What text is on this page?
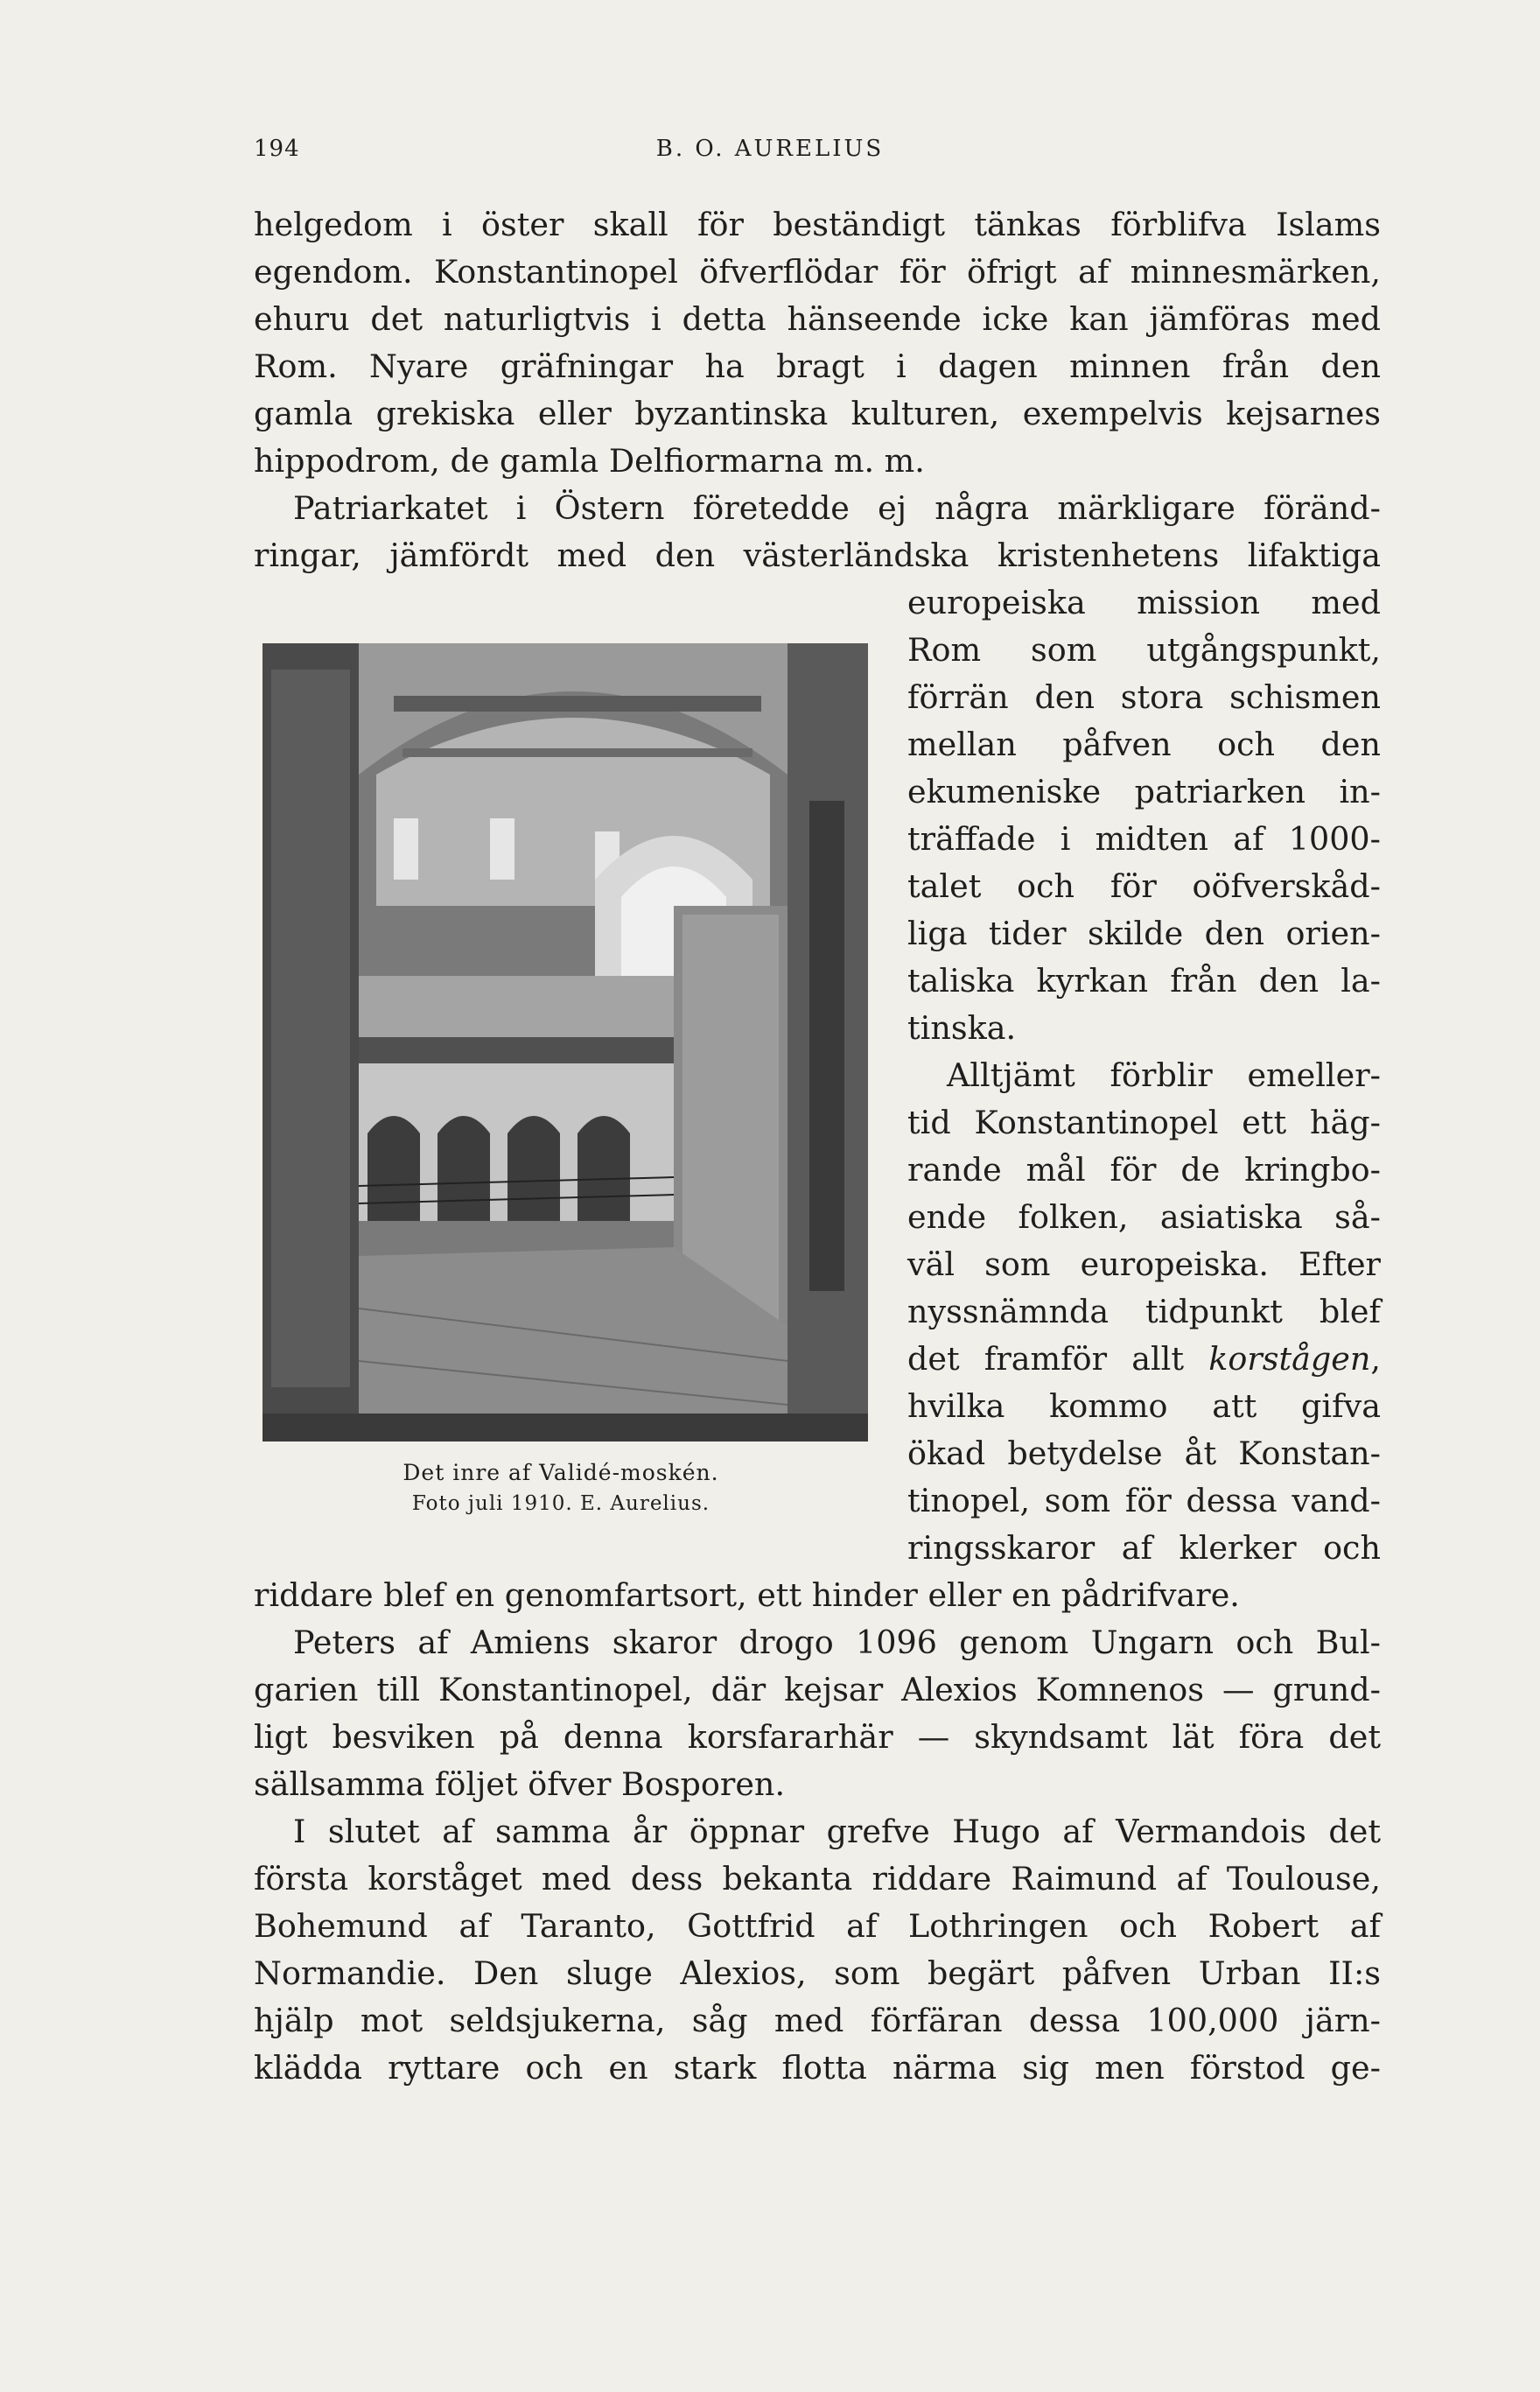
194	B. O. AURELIUS
helgedom i öster skall för beständigt tänkas förblifva Islams
egendom. Konstantinopel öfverflödar för öfrigt af minnesmärken,
ehuru det naturligtvis i detta hänseende icke kan jämföras med
Rom. Nyare gräfningar ha bragt i dagen minnen från den
gamla grekiska eller byzantinska kulturen, exempelvis kejsarnes
hippodrom, de gamla Delfiormarna m. m.
Patriarkatet i Östern företedde ej några märkligare föränd-
ringar, jämfördt med den västerländska kristenhetens lifaktiga
europeiska mission med
Rom som utgångspunkt,
förrän den stora schismen
mellan påfven och den
ekumeniske patriarken in-
träffade i midten af 1000-
talet och för oöfverskåd-
liga tider skilde den orien-
taliska kyrkan från den la-
tinska.
Alltjämt förblir emeller-
tid Konstantinopel ett häg-
rande mål för de kringbo-
ende folken, asiatiska så-
väl som europeiska. Efter
nyssnämnda tidpunkt blef
det framför allt korstågen,
hvilka kommo att gifva
ökad betydelse åt Konstan-
tinopel, som för dessa vand-
ringsskaror af klerker och
riddare blef en genomfartsort, ett hinder eller en pådrifvare.
Peters af Amiens skaror drogo 1096 genom Ungarn och Bul-
garien till Konstantinopel, där kejsar Alexios Komnenos — grund-
ligt besviken på denna korsfararhär — skyndsamt lät föra det
sällsamma följet öfver Bosporen.
I slutet af samma år öppnar grefve Hugo af Vermandois det
första korståget med dess bekanta riddare Raimund af Toulouse,
Bohemund af Taranto, Gottfrid af Lothringen och Robert af
Normandie. Den sluge Alexios, som begärt påfven Urban II:s
hjälp mot seldsjukerna, såg med förfäran dessa 100,000 järn-
klädda ryttare och en stark flotta närma sig men förstod ge-
Det inre af Validé-moskén.
Foto juli 1910. E. Aurelius.
